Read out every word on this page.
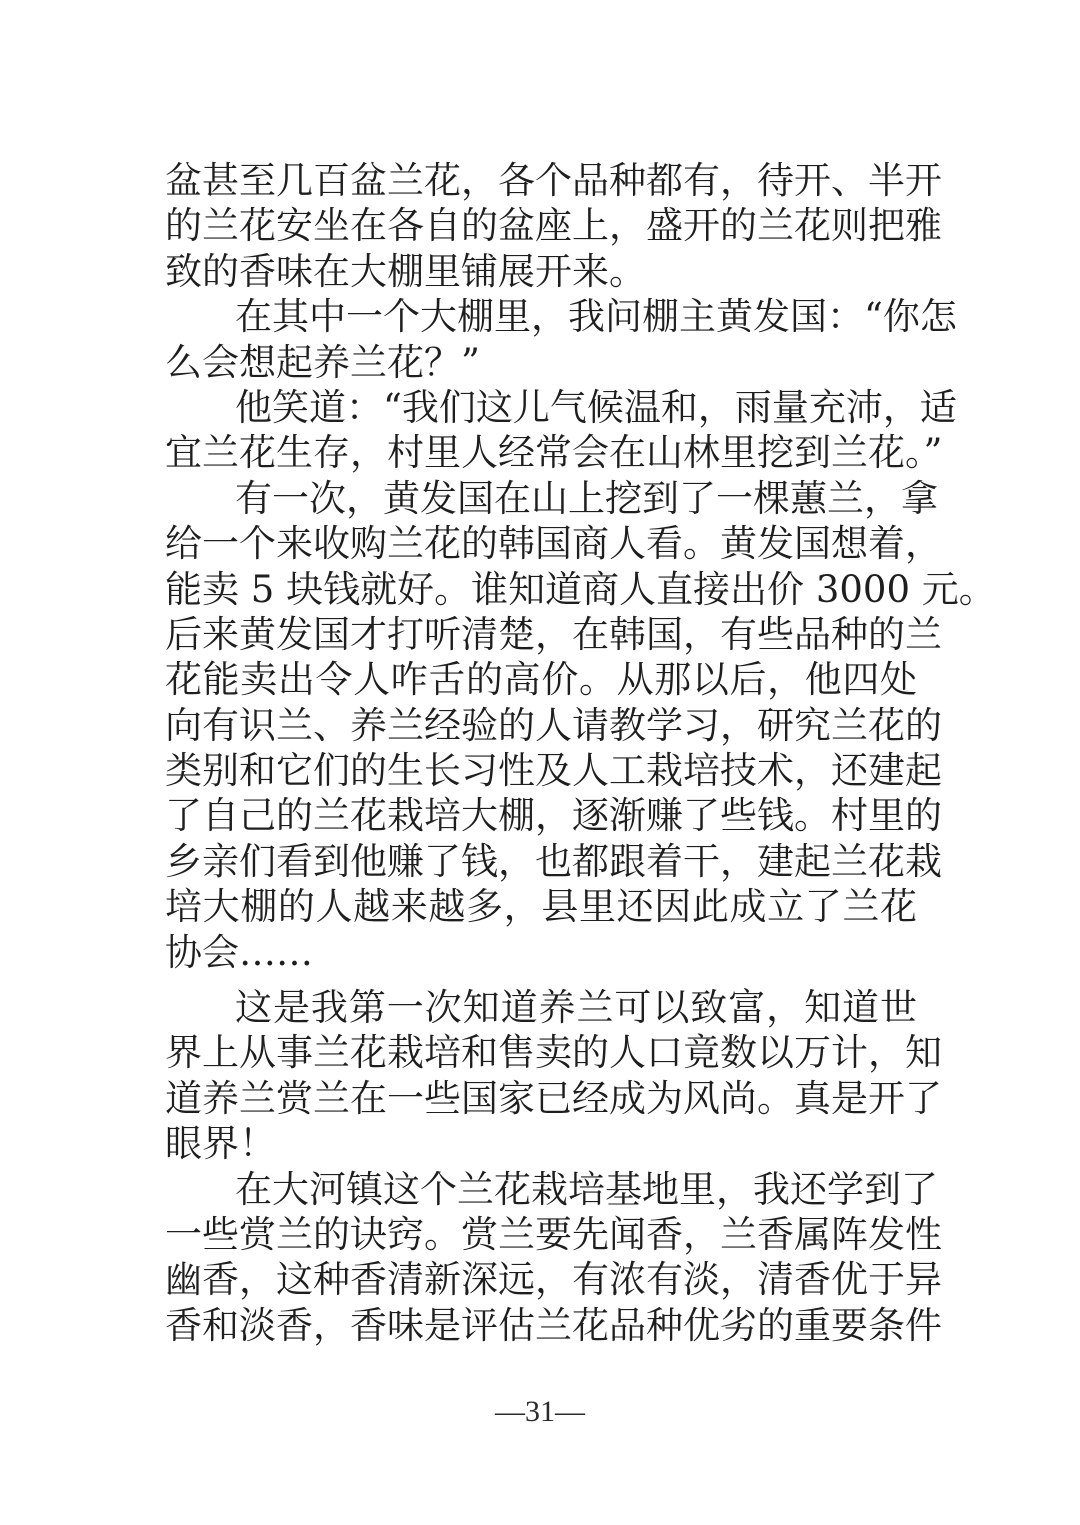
盆甚至几百盆兰花，各个品种都有，待开、半开
的兰花安坐在各自的盆座上，盛开的兰花则把雅
致的香味在大棚里铺展开来。
在其中一个大棚里，我问棚主黄发国：“你怎
么会想起养兰花？”
他笑道：“我们这儿气候温和，雨量充沛，适
宜兰花生存，村里人经常会在山林里挖到兰花。”
有一次，黄发国在山上挖到了一棵蕙兰，拿
给一个来收购兰花的韩国商人看。黄发国想着，
能卖 5 块钱就好。谁知道商人直接出价 3000 元。
后来黄发国才打听清楚，在韩国，有些品种的兰
花能卖出令人咋舌的高价。从那以后，他四处
向有识兰、养兰经验的人请教学习，研究兰花的
类别和它们的生长习性及人工栽培技术，还建起
了自己的兰花栽培大棚，逐渐赚了些钱。村里的
乡亲们看到他赚了钱，也都跟着干，建起兰花栽
培大棚的人越来越多，县里还因此成立了兰花
协会……
这是我第一次知道养兰可以致富，知道世
界上从事兰花栽培和售卖的人口竟数以万计，知
道养兰赏兰在一些国家已经成为风尚。真是开了
眼界！
在大河镇这个兰花栽培基地里，我还学到了
一些赏兰的诀窍。赏兰要先闻香，兰香属阵发性
幽香，这种香清新深远，有浓有淡，清香优于异
香和淡香，香味是评估兰花品种优劣的重要条件
—31—
